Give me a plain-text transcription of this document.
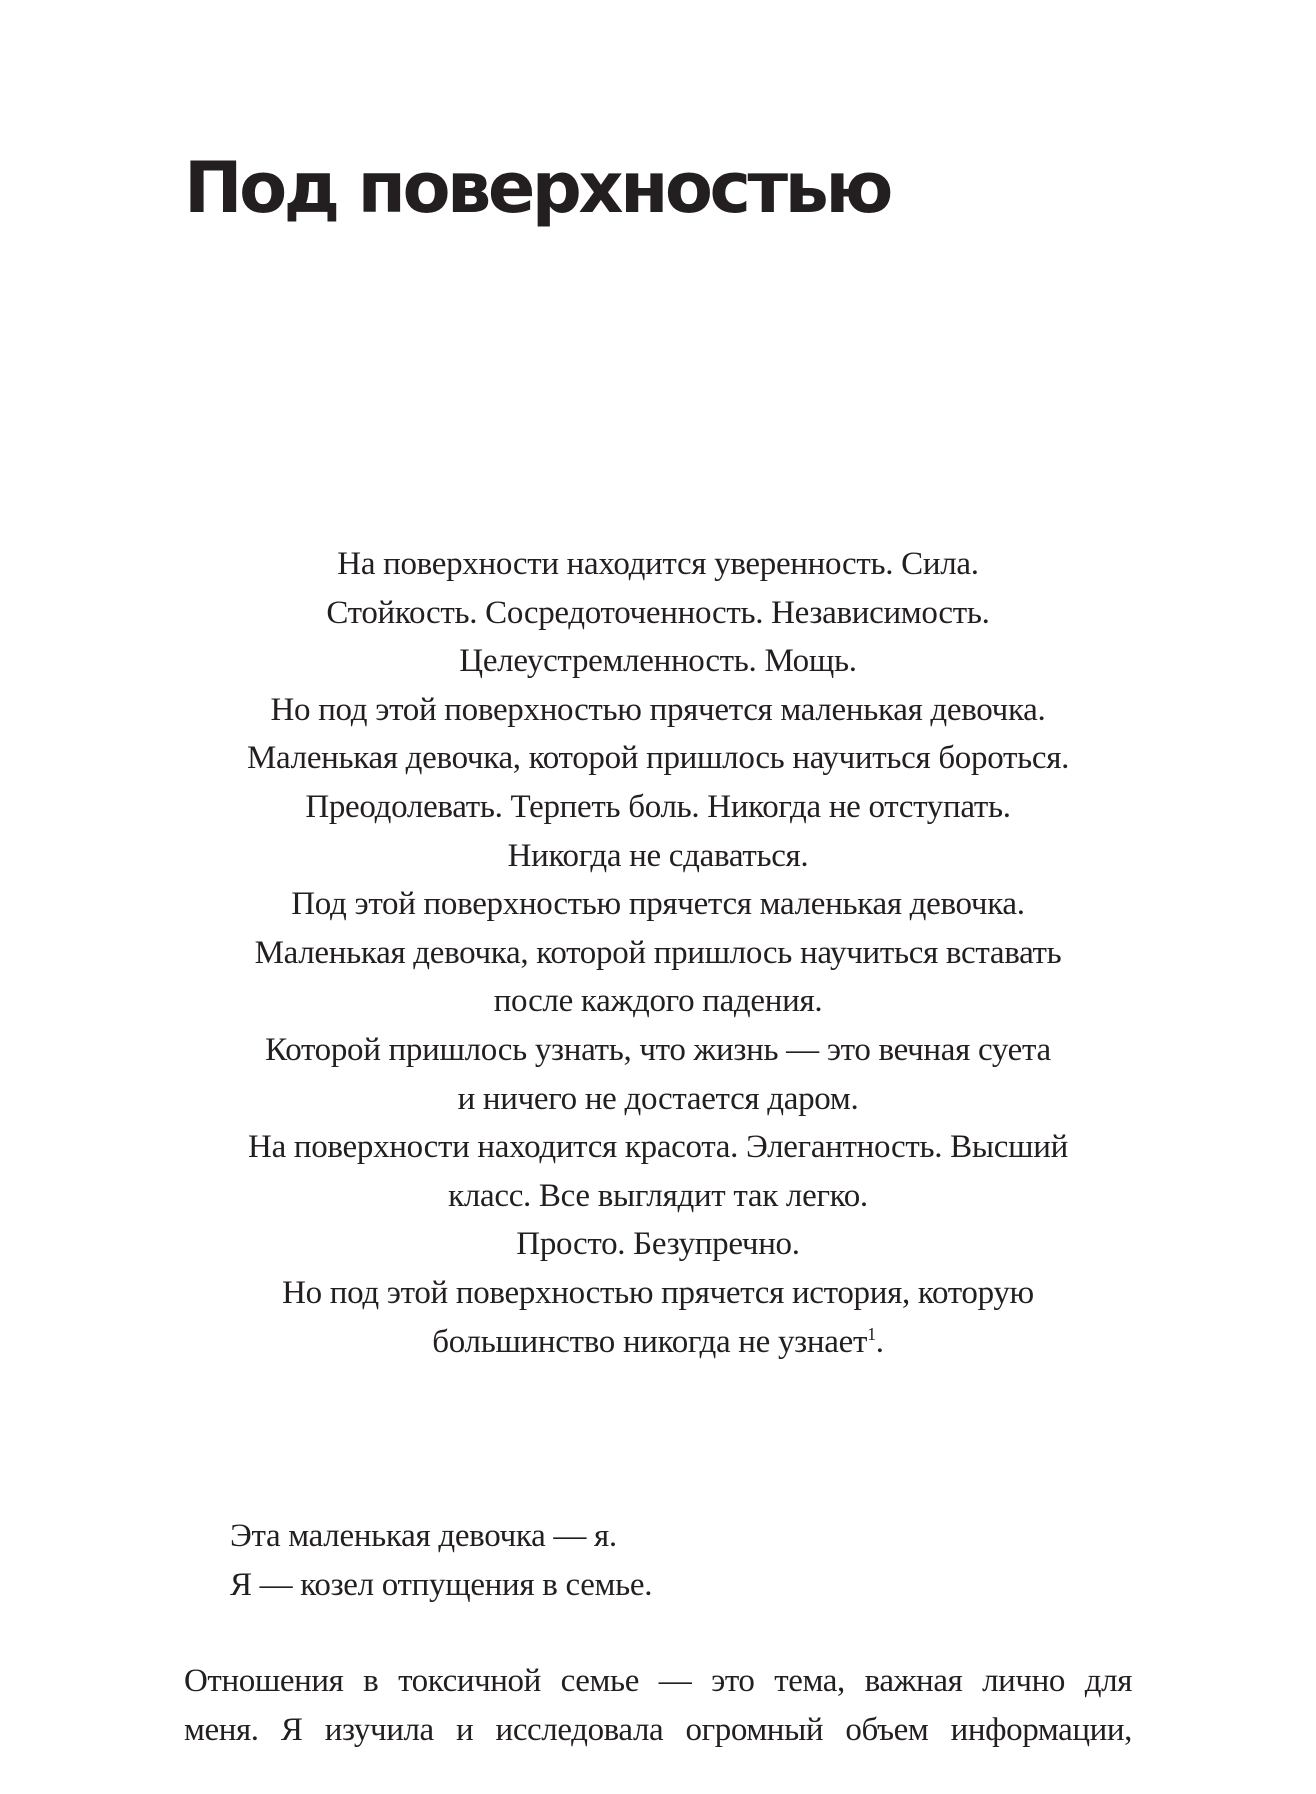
Под поверхностью
На поверхности находится уверенность. Сила.
Стойкость. Сосредоточенность. Независимость.
Целеустремленность. Мощь.
Но под этой поверхностью прячется маленькая девочка.
Маленькая девочка, которой пришлось научиться бороться.
Преодолевать. Терпеть боль. Никогда не отступать.
Никогда не сдаваться.
Под этой поверхностью прячется маленькая девочка.
Маленькая девочка, которой пришлось научиться вставать
после каждого падения.
Которой пришлось узнать, что жизнь — это вечная суета
и ничего не достается даром.
На поверхности находится красота. Элегантность. Высший
класс. Все выглядит так легко.
Просто. Безупречно.
Но под этой поверхностью прячется история, которую
большинство никогда не узнает$^1$.
Эта маленькая девочка — я.
Я — козел отпущения в семье.

Отношения в токсичной семье — это тема, важная лично для
меня. Я изучила и исследовала огромный объем информации,
